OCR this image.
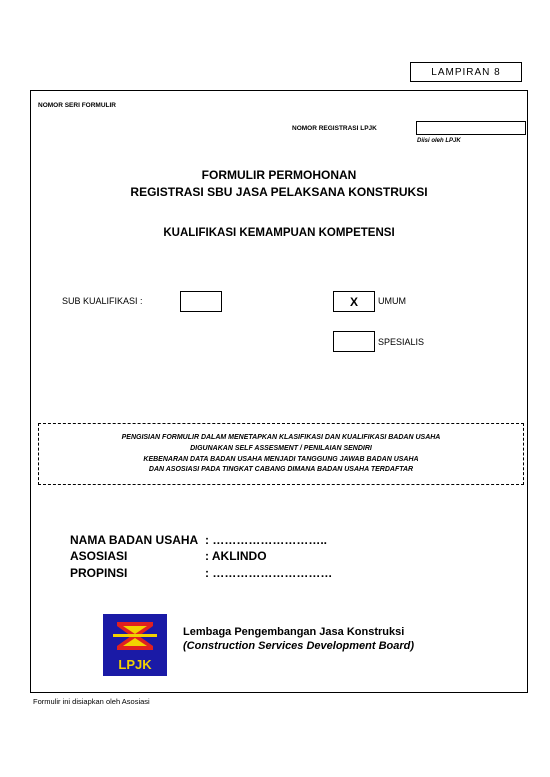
LAMPIRAN 8
NOMOR SERI FORMULIR
NOMOR REGISTRASI LPJK
Diisi oleh LPJK
FORMULIR PERMOHONAN
REGISTRASI SBU JASA PELAKSANA KONSTRUKSI
KUALIFIKASI KEMAMPUAN KOMPETENSI
SUB KUALIFIKASI :	X UMUM
SPESIALIS
PENGISIAN FORMULIR DALAM MENETAPKAN KLASIFIKASI DAN KUALIFIKASI BADAN USAHA
DIGUNAKAN SELF ASSESMENT / PENILAIAN SENDIRI
KEBENARAN DATA BADAN USAHA MENJADI TANGGUNG JAWAB BADAN USAHA
DAN ASOSIASI PADA TINGKAT CABANG DIMANA BADAN USAHA TERDAFTAR
NAMA BADAN USAHA : ………………………..
ASOSIASI	: AKLINDO
PROPINSI	: …………………………
LPJK
Lembaga Pengembangan Jasa Konstruksi
(Construction Services Development Board)
Formulir ini disiapkan oleh Asosiasi
